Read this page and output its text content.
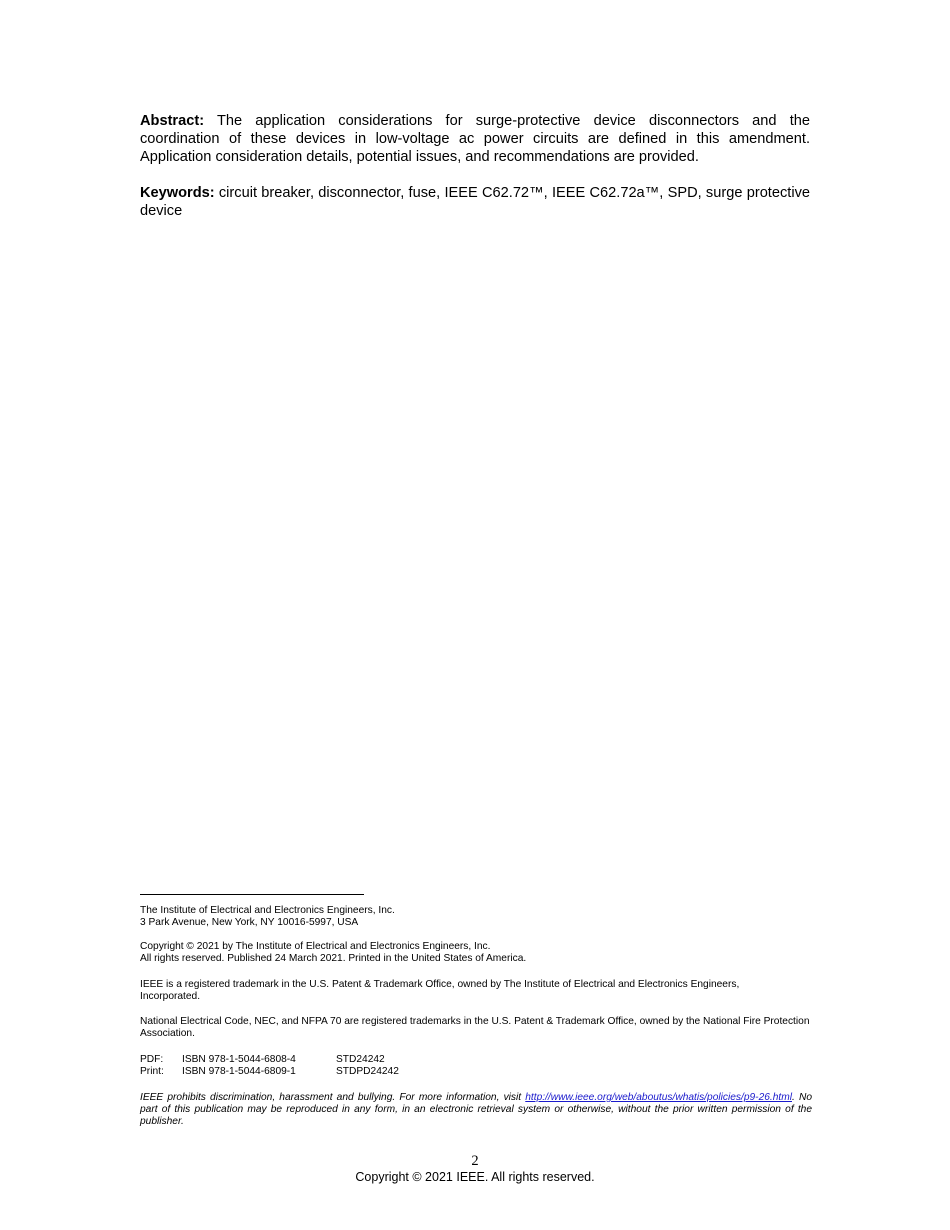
Abstract: The application considerations for surge-protective device disconnectors and the coordination of these devices in low-voltage ac power circuits are defined in this amendment. Application consideration details, potential issues, and recommendations are provided.

Keywords: circuit breaker, disconnector, fuse, IEEE C62.72™, IEEE C62.72a™, SPD, surge protective device

The Institute of Electrical and Electronics Engineers, Inc.
3 Park Avenue, New York, NY 10016-5997, USA

Copyright © 2021 by The Institute of Electrical and Electronics Engineers, Inc.
All rights reserved. Published 24 March 2021. Printed in the United States of America.

IEEE is a registered trademark in the U.S. Patent & Trademark Office, owned by The Institute of Electrical and Electronics Engineers, Incorporated.

National Electrical Code, NEC, and NFPA 70 are registered trademarks in the U.S. Patent & Trademark Office, owned by the National Fire Protection Association.

PDF:	ISBN 978-1-5044-6808-4	STD24242
Print:	ISBN 978-1-5044-6809-1	STDPD24242

IEEE prohibits discrimination, harassment and bullying. For more information, visit http://www.ieee.org/web/aboutus/whatis/policies/p9-26.html. No part of this publication may be reproduced in any form, in an electronic retrieval system or otherwise, without the prior written permission of the publisher.

2
Copyright © 2021 IEEE. All rights reserved.
